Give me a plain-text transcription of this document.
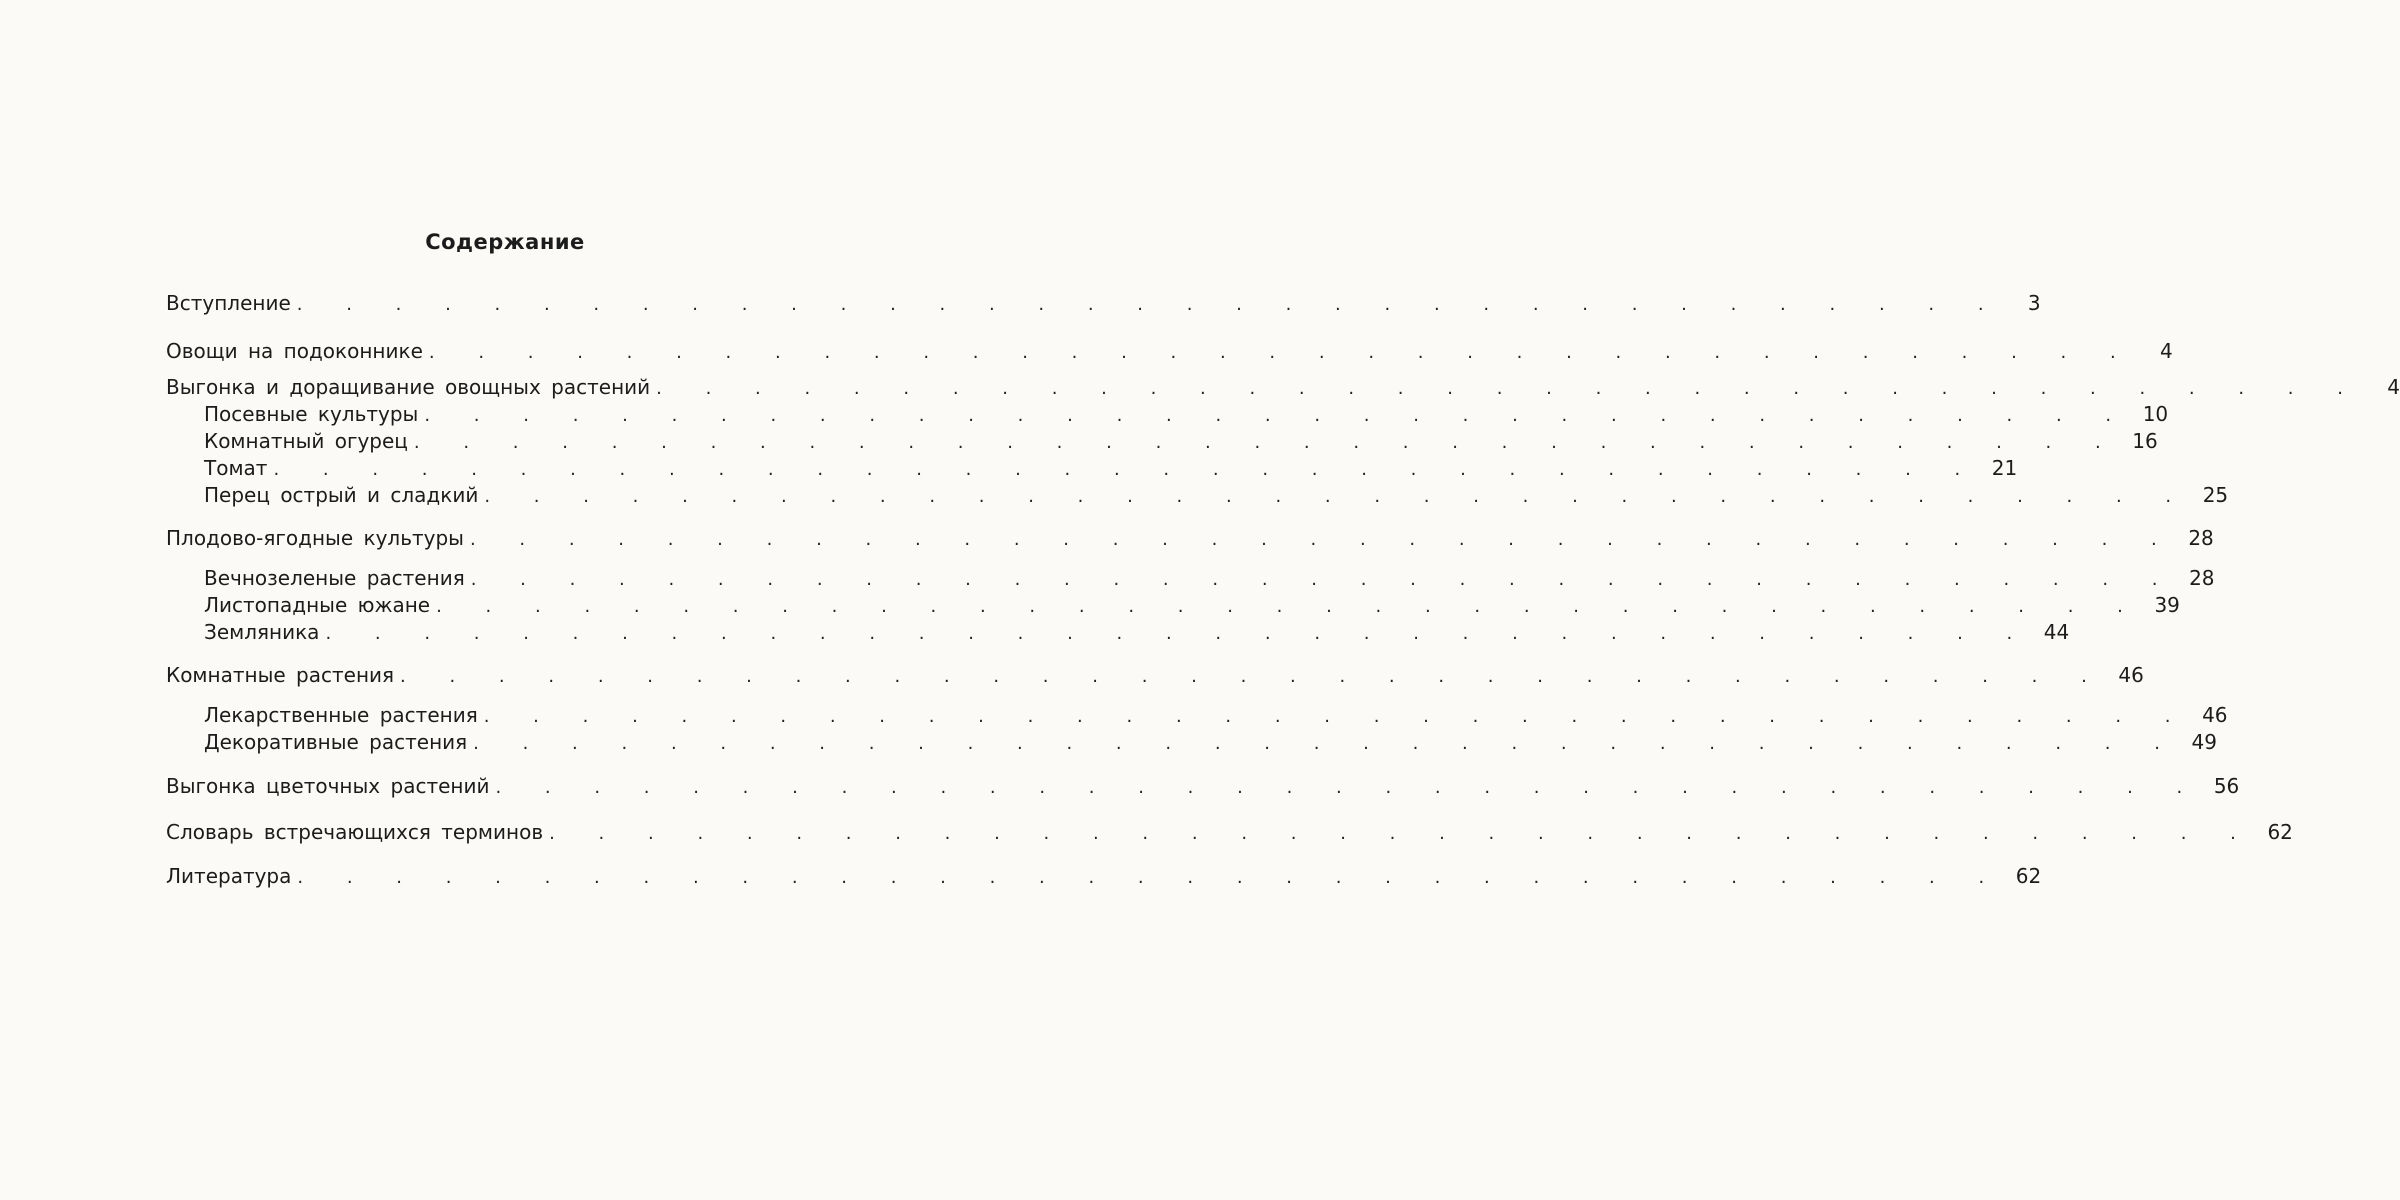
Содержание
Вступление . . . . . . . . . . . . . . . . . . . . . . . . . . . . . . . . . . .	3
Овощи на подоконнике . . . . . . . . . . . . . . . . . . . . . . . . . . . . . . . . . . .	4
Выгонка и доращивание овощных растений . . . . . . . . . . . . . . . . . . . . . . . . . . . . . . . . . . .	4
Посевные культуры . . . . . . . . . . . . . . . . . . . . . . . . . . . . . . . . . . . 10
Комнатный огурец . . . . . . . . . . . . . . . . . . . . . . . . . . . . . . . . . . . 16
Томат . . . . . . . . . . . . . . . . . . . . . . . . . . . . . . . . . . . 21
Перец острый и сладкий . . . . . . . . . . . . . . . . . . . . . . . . . . . . . . . . . . . 25
Плодово-ягодные культуры . . . . . . . . . . . . . . . . . . . . . . . . . . . . . . . . . . . 28
Вечнозеленые растения . . . . . . . . . . . . . . . . . . . . . . . . . . . . . . . . . . . 28
Листопадные южане . . . . . . . . . . . . . . . . . . . . . . . . . . . . . . . . . . . 39
Земляника . . . . . . . . . . . . . . . . . . . . . . . . . . . . . . . . . . . 44
Комнатные растения . . . . . . . . . . . . . . . . . . . . . . . . . . . . . . . . . . . 46
Лекарственные растения . . . . . . . . . . . . . . . . . . . . . . . . . . . . . . . . . . . 46
Декоративные растения . . . . . . . . . . . . . . . . . . . . . . . . . . . . . . . . . . . 49
Выгонка цветочных растений . . . . . . . . . . . . . . . . . . . . . . . . . . . . . . . . . . . 56
Словарь встречающихся терминов . . . . . . . . . . . . . . . . . . . . . . . . . . . . . . . . . . . 62
Литература . . . . . . . . . . . . . . . . . . . . . . . . . . . . . . . . . . . 62
